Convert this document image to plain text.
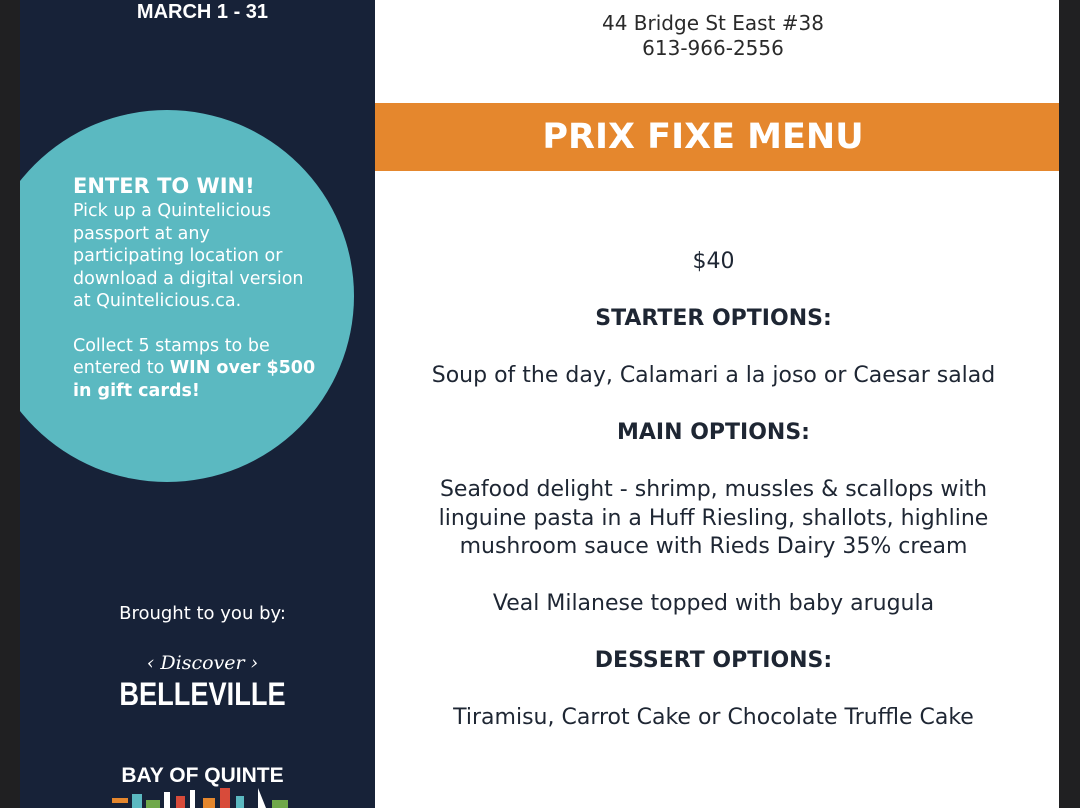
MARCH 1 - 31
ENTER TO WIN!

Pick up a Quintelicious passport at any participating location or download a digital version at Quintelicious.ca.

Collect 5 stamps to be entered to WIN over $500 in gift cards!

Brought to you by:
‹ Discover ›
BELLEVILLE
BAY OF QUINTE
44 Bridge St East #38
613-966-2556
PRIX FIXE MENU

$40

STARTER OPTIONS:

Soup of the day, Calamari a la joso or Caesar salad

MAIN OPTIONS:

Seafood delight - shrimp, mussles & scallops with linguine pasta in a Huff Riesling, shallots, highline mushroom sauce with Rieds Dairy 35% cream

Veal Milanese topped with baby arugula

DESSERT OPTIONS:

Tiramisu, Carrot Cake or Chocolate Truffle Cake
